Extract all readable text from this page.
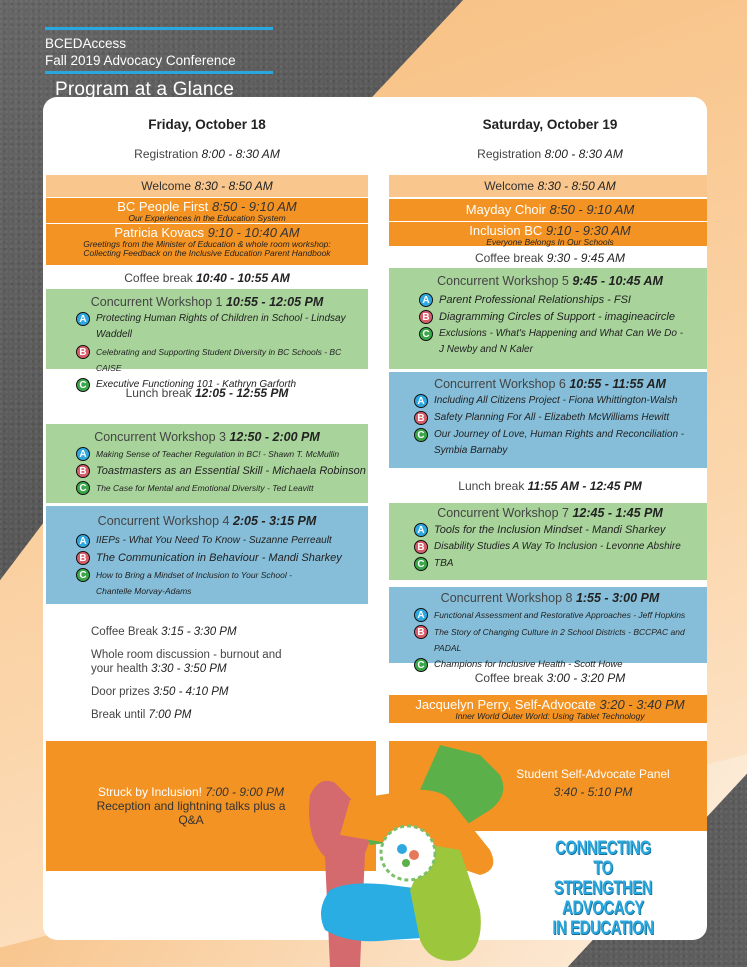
BCEDAccess
Fall 2019 Advocacy Conference
Program at a Glance
Friday, October 18
Registration 8:00 - 8:30 AM
Welcome 8:30 - 8:50 AM
BC People First 8:50 - 9:10 AM
Our Experiences in the Education System
Patricia Kovacs 9:10 - 10:40 AM
Greetings from the Minister of Education & whole room workshop:
Collecting Feedback on the Inclusive Education Parent Handbook
Coffee break 10:40 - 10:55 AM
Concurrent Workshop 1 10:55 - 12:05 PM
A Protecting Human Rights of Children in School - Lindsay Waddell
B	Celebrating and Supporting Student Diversity in BC Schools - BC CAISE
C Executive Functioning 101 - Kathryn Garforth
Lunch break 12:05 - 12:55 PM
Concurrent Workshop 3 12:50 - 2:00 PM
A	Making Sense of Teacher Regulation in BC! - Shawn T. McMullin
B Toastmasters as an Essential Skill - Michaela Robinson
C	The Case for Mental and Emotional Diversity - Ted Leavitt
Concurrent Workshop 4 2:05 - 3:15 PM
A IIEPs - What You Need To Know - Suzanne Perreault
B The Communication in Behaviour - Mandi Sharkey
C	How to Bring a Mindset of Inclusion to Your School - Chantelle Morvay-Adams
Coffee Break 3:15 - 3:30 PM
Whole room discussion - burnout and your health 3:30 - 3:50 PM
Door prizes 3:50 - 4:10 PM
Break until 7:00 PM
Struck by Inclusion! 7:00 - 9:00 PM
Reception and lightning talks plus a Q&A
Saturday, October 19
Registration 8:00 - 8:30 AM
Welcome 8:30 - 8:50 AM
Mayday Choir 8:50 - 9:10 AM
Inclusion BC 9:10 - 9:30 AM
Everyone Belongs In Our Schools
Coffee break 9:30 - 9:45 AM
Concurrent Workshop 5 9:45 - 10:45 AM
A Parent Professional Relationships - FSI
B Diagramming Circles of Support - imagineacircle
C Exclusions - What's Happening and What Can We Do - J Newby and N Kaler
Concurrent Workshop 6 10:55 - 11:55 AM
A Including All Citizens Project - Fiona Whittington-Walsh
B Safety Planning For All - Elizabeth McWilliams Hewitt
C Our Journey of Love, Human Rights and Reconciliation - Symbia Barnaby
Lunch break 11:55 AM - 12:45 PM
Concurrent Workshop 7 12:45 - 1:45 PM
A Tools for the Inclusion Mindset - Mandi Sharkey
B Disability Studies A Way To Inclusion - Levonne Abshire
C TBA
Concurrent Workshop 8 1:55 - 3:00 PM
A	Functional Assessment and Restorative Approaches - Jeff Hopkins
B	The Story of Changing Culture in 2 School Districts - BCCPAC and PADAL
C Champions for Inclusive Health - Scott Howe
Coffee break 3:00 - 3:20 PM
Jacquelyn Perry, Self-Advocate 3:20 - 3:40 PM
Inner World Outer World: Using Tablet Technology
Student Self-Advocate Panel
3:40 - 5:10 PM
CONNECTING TO
STRENGTHEN
ADVOCACY
IN EDUCATION
